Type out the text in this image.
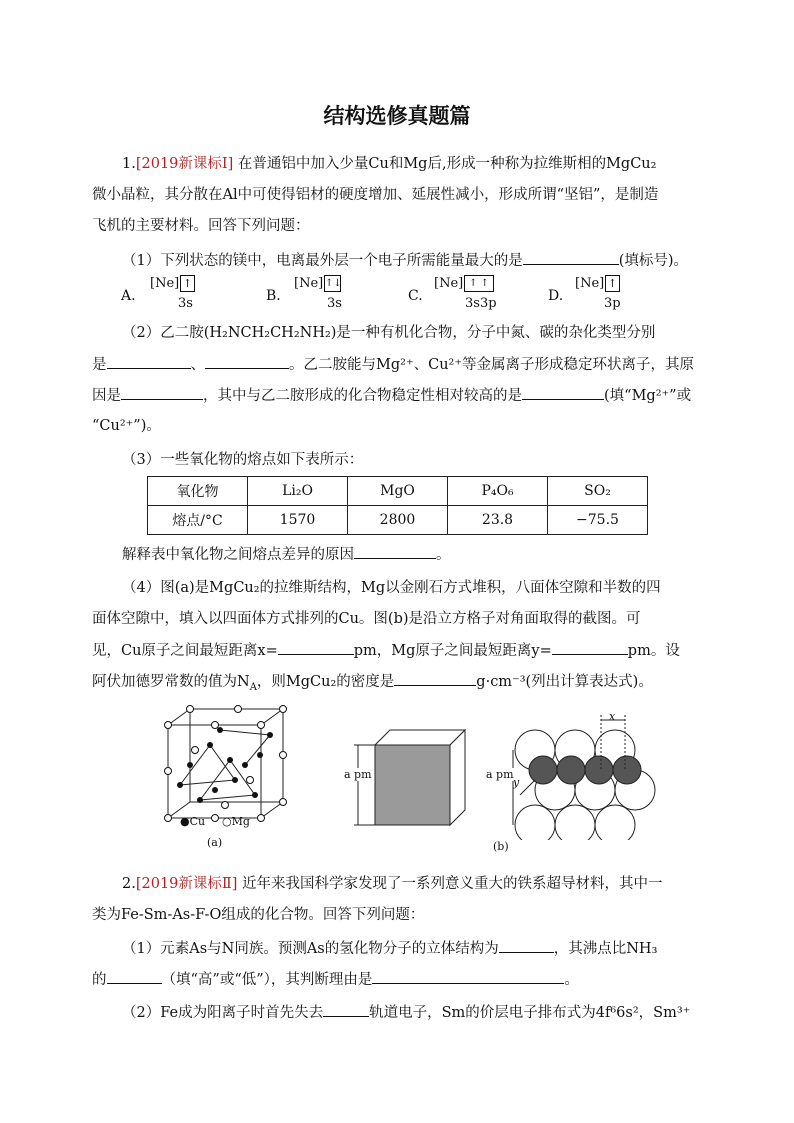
结构选修真题篇
1.[2019新课标Ⅰ] 在普通铝中加入少量Cu和Mg后,形成一种称为拉维斯相的MgCu₂
微小晶粒，其分散在Al中可使得铝材的硬度增加、延展性减小，形成所谓“坚铝”，是制造
飞机的主要材料。回答下列问题：
（1）下列状态的镁中，电离最外层一个电子所需能量最大的是	(填标号)。
A.
[Ne] ↑
3s	B.
[Ne] ↑↓
3s	C.
[Ne] ↑ ↑
3s3p	D.
[Ne] ↑
3p
（2）乙二胺(H₂NCH₂CH₂NH₂)是一种有机化合物，分子中氮、碳的杂化类型分别
是	、	。乙二胺能与Mg²⁺、Cu²⁺等金属离子形成稳定环状离子，其原
因是	，其中与乙二胺形成的化合物稳定性相对较高的是	(填“Mg²⁺”或
“Cu²⁺”)。
（3）一些氧化物的熔点如下表所示：
氧化物	Li₂O	MgO	P₄O₆	SO₂
熔点/°C	1570	2800	23.8	−75.5
解释表中氧化物之间熔点差异的原因	。
（4）图(a)是MgCu₂的拉维斯结构，Mg以金刚石方式堆积，八面体空隙和半数的四
面体空隙中，填入以四面体方式排列的Cu。图(b)是沿立方格子对角面取得的截图。可
见，Cu原子之间最短距离x=	pm，Mg原子之间最短距离y=	pm。设
阿伏加德罗常数的值为$N_A$，则MgCu₂的密度是	g·cm⁻³(列出计算表达式)。
●Cu ○Mg
(a)
a pm	a pm
x
y
(b)
2.[2019新课标Ⅱ] 近年来我国科学家发现了一系列意义重大的铁系超导材料，其中一
类为Fe-Sm-As-F-O组成的化合物。回答下列问题：
（1）元素As与N同族。预测As的氢化物分子的立体结构为	，其沸点比NH₃
的	（填“高”或“低”），其判断理由是	。
（2）Fe成为阳离子时首先失去	轨道电子，Sm的价层电子排布式为4f⁶6s²，Sm³⁺
